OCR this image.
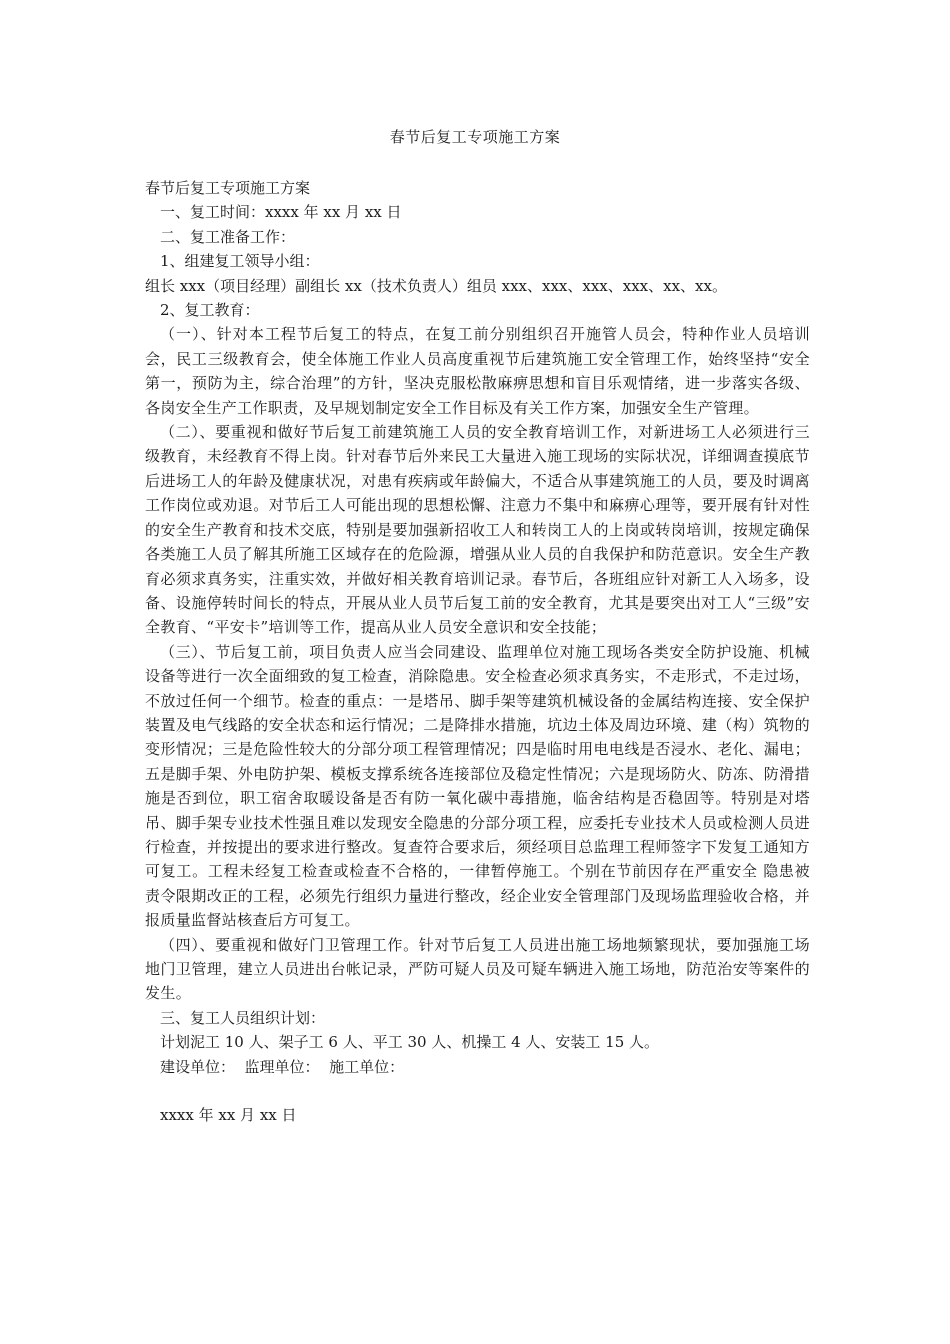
春节后复工专项施工方案
春节后复工专项施工方案
一、复工时间：xxxx 年 xx 月 xx 日
二、复工准备工作：
1、组建复工领导小组：
组长 xxx（项目经理）副组长 xx（技术负责人）组员 xxx、xxx、xxx、xxx、xx、xx。
2、复工教育：
（一）、针对本工程节后复工的特点，在复工前分别组织召开施管人员会，特种作业人员培训会，民工三级教育会，使全体施工作业人员高度重视节后建筑施工安全管理工作，始终坚持“安全第一，预防为主，综合治理”的方针，坚决克服松散麻痹思想和盲目乐观情绪，进一步落实各级、各岗安全生产工作职责，及早规划制定安全工作目标及有关工作方案，加强安全生产管理。
（二）、要重视和做好节后复工前建筑施工人员的安全教育培训工作，对新进场工人必须进行三级教育，未经教育不得上岗。针对春节后外来民工大量进入施工现场的实际状况，详细调查摸底节后进场工人的年龄及健康状况，对患有疾病或年龄偏大，不适合从事建筑施工的人员，要及时调离工作岗位或劝退。对节后工人可能出现的思想松懈、注意力不集中和麻痹心理等，要开展有针对性的安全生产教育和技术交底，特别是要加强新招收工人和转岗工人的上岗或转岗培训，按规定确保各类施工人员了解其所施工区域存在的危险源，增强从业人员的自我保护和防范意识。安全生产教育必须求真务实，注重实效，并做好相关教育培训记录。春节后，各班组应针对新工人入场多，设备、设施停转时间长的特点，开展从业人员节后复工前的安全教育，尤其是要突出对工人“三级”安全教育、“平安卡”培训等工作，提高从业人员安全意识和安全技能；
（三）、节后复工前，项目负责人应当会同建设、监理单位对施工现场各类安全防护设施、机械设备等进行一次全面细致的复工检查，消除隐患。安全检查必须求真务实，不走形式，不走过场，不放过任何一个细节。检查的重点：一是塔吊、脚手架等建筑机械设备的金属结构连接、安全保护装置及电气线路的安全状态和运行情况；二是降排水措施，坑边土体及周边环境、建（构）筑物的变形情况；三是危险性较大的分部分项工程管理情况；四是临时用电电线是否浸水、老化、漏电；五是脚手架、外电防护架、模板支撑系统各连接部位及稳定性情况；六是现场防火、防冻、防滑措施是否到位，职工宿舍取暖设备是否有防一氧化碳中毒措施，临舍结构是否稳固等。特别是对塔吊、脚手架专业技术性强且难以发现安全隐患的分部分项工程，应委托专业技术人员或检测人员进行检查，并按提出的要求进行整改。复查符合要求后，须经项目总监理工程师签字下发复工通知方可复工。工程未经复工检查或检查不合格的，一律暂停施工。个别在节前因存在严重安全 隐患被责令限期改正的工程，必须先行组织力量进行整改，经企业安全管理部门及现场监理验收合格，并报质量监督站核查后方可复工。
（四）、要重视和做好门卫管理工作。针对节后复工人员进出施工场地频繁现状，要加强施工场地门卫管理，建立人员进出台帐记录，严防可疑人员及可疑车辆进入施工场地，防范治安等案件的发生。
三、复工人员组织计划：
计划泥工 10 人、架子工 6 人、平工 30 人、机操工 4 人、安装工 15 人。
建设单位：  监理单位：  施工单位：
xxxx 年 xx 月 xx 日
